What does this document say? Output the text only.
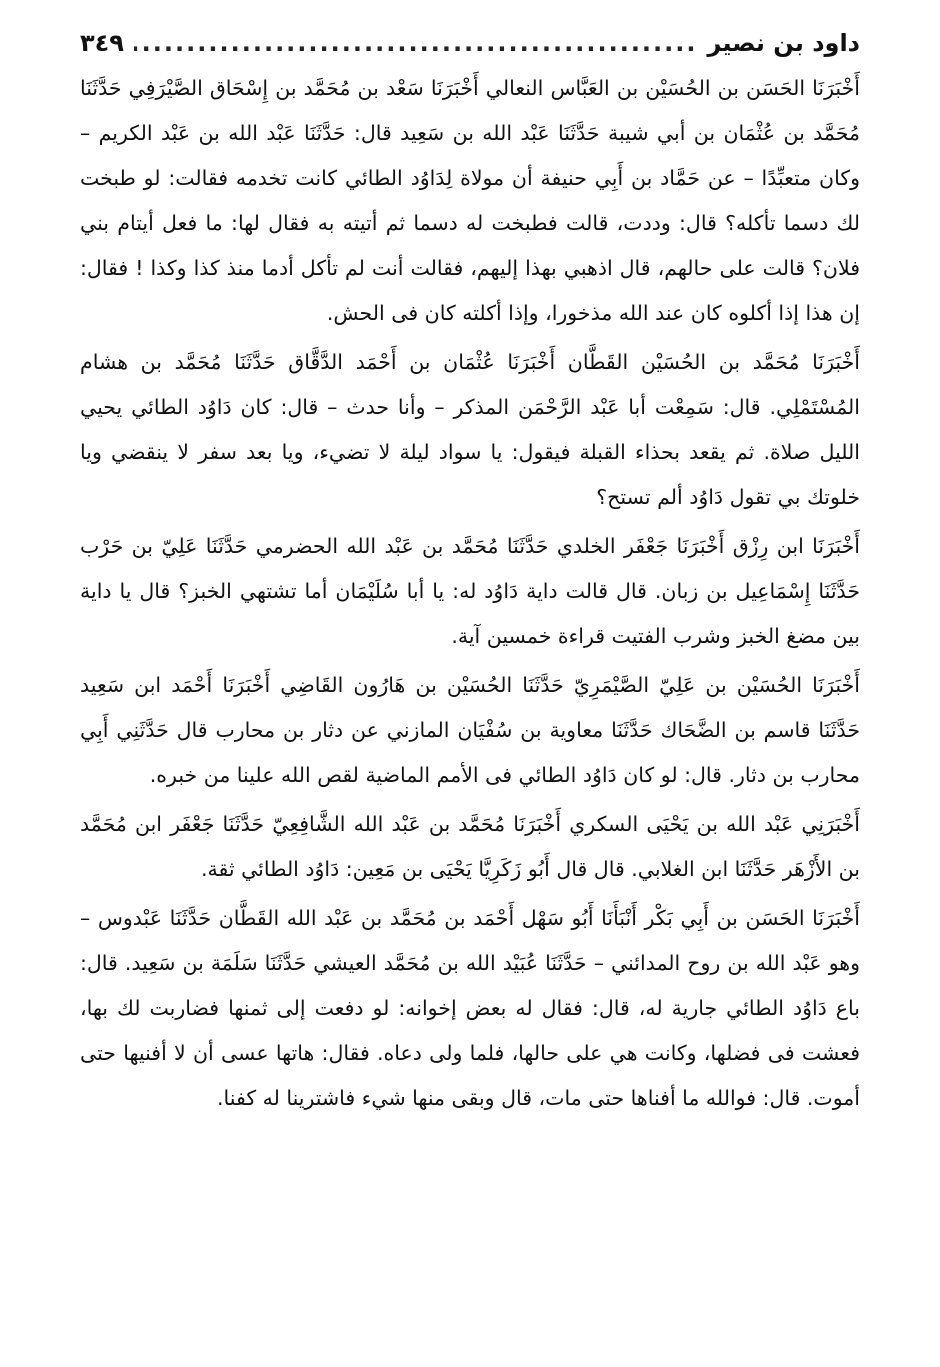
داود بن نصير
.....
٣٤٩

أَخْبَرَنَا الحَسَن بن الحُسَيْن بن العَبَّاس النعالي أَخْبَرَنَا سَعْد بن مُحَمَّد بن إِسْحَاق الصَّيْرَفِي حَدَّثَنَا مُحَمَّد بن عُثْمَان بن أبي شيبة حَدَّثَنَا عَبْد الله بن سَعِيد قال: حَدَّثَنَا عَبْد الله بن عَبْد الكريم – وكان متعبِّدًا – عن حَمَّاد بن أَبِي حنيفة أن مولاة لِدَاوُد الطائي كانت تخدمه فقالت: لو طبخت لك دسما تأكله؟ قال: وددت، قالت فطبخت له دسما ثم أتيته به فقال لها: ما فعل أيتام بني فلان؟ قالت على حالهم، قال اذهبي بهذا إليهم، فقالت أنت لم تأكل أدما منذ كذا وكذا ! فقال: إن هذا إذا أكلوه كان عند الله مذخورا، وإذا أكلته كان فى الحش.

أَخْبَرَنَا مُحَمَّد بن الحُسَيْن القَطَّان أَخْبَرَنَا عُثْمَان بن أَحْمَد الدَّقَّاق حَدَّثَنَا مُحَمَّد بن هشام المُسْتَمْلِي. قال: سَمِعْت أبا عَبْد الرَّحْمَن المذكر – وأنا حدث – قال: كان دَاوُد الطائي يحيي الليل صلاة. ثم يقعد بحذاء القبلة فيقول: يا سواد ليلة لا تضيء، ويا بعد سفر لا ينقضي ويا خلوتك بي تقول دَاوُد ألم تستح؟

أَخْبَرَنَا ابن رِزْق أَخْبَرَنَا جَعْفَر الخلدي حَدَّثَنَا مُحَمَّد بن عَبْد الله الحضرمي حَدَّثَنَا عَلِيّ بن حَرْب حَدَّثَنَا إِسْمَاعِيل بن زبان. قال قالت داية دَاوُد له: يا أبا سُلَيْمَان أما تشتهي الخبز؟ قال يا داية بين مضغ الخبز وشرب الفتيت قراءة خمسين آية.

أَخْبَرَنَا الحُسَيْن بن عَلِيّ الصَّيْمَرِيّ حَدَّثَنَا الحُسَيْن بن هَارُون القَاضِي أَخْبَرَنَا أَحْمَد ابن سَعِيد حَدَّثَنَا قاسم بن الضَّحَاك حَدَّثَنَا معاوية بن سُفْيَان المازني عن دثار بن محارب قال حَدَّثَنِي أَبِي محارب بن دثار. قال: لو كان دَاوُد الطائي فى الأمم الماضية لقص الله علينا من خبره.

أَخْبَرَنِي عَبْد الله بن يَحْيَى السكري أَخْبَرَنَا مُحَمَّد بن عَبْد الله الشَّافِعِيّ حَدَّثَنَا جَعْفَر ابن مُحَمَّد بن الأَزْهَر حَدَّثَنَا ابن الغلابي. قال قال أَبُو زَكَرِيَّا يَحْيَى بن مَعِين: دَاوُد الطائي ثقة.

أَخْبَرَنَا الحَسَن بن أَبِي بَكْر أَنْبَأَنَا أَبُو سَهْل أَحْمَد بن مُحَمَّد بن عَبْد الله القَطَّان حَدَّثَنَا عَبْدوس – وهو عَبْد الله بن روح المدائني – حَدَّثَنَا عُبَيْد الله بن مُحَمَّد العيشي حَدَّثَنَا سَلَمَة بن سَعِيد. قال: باع دَاوُد الطائي جارية له، قال: فقال له بعض إخوانه: لو دفعت إلى ثمنها فضاربت لك بها، فعشت فى فضلها، وكانت هي على حالها، فلما ولى دعاه. فقال: هاتها عسى أن لا أفنيها حتى أموت. قال: فوالله ما أفناها حتى مات، قال وبقى منها شيء فاشترينا له كفنا.
